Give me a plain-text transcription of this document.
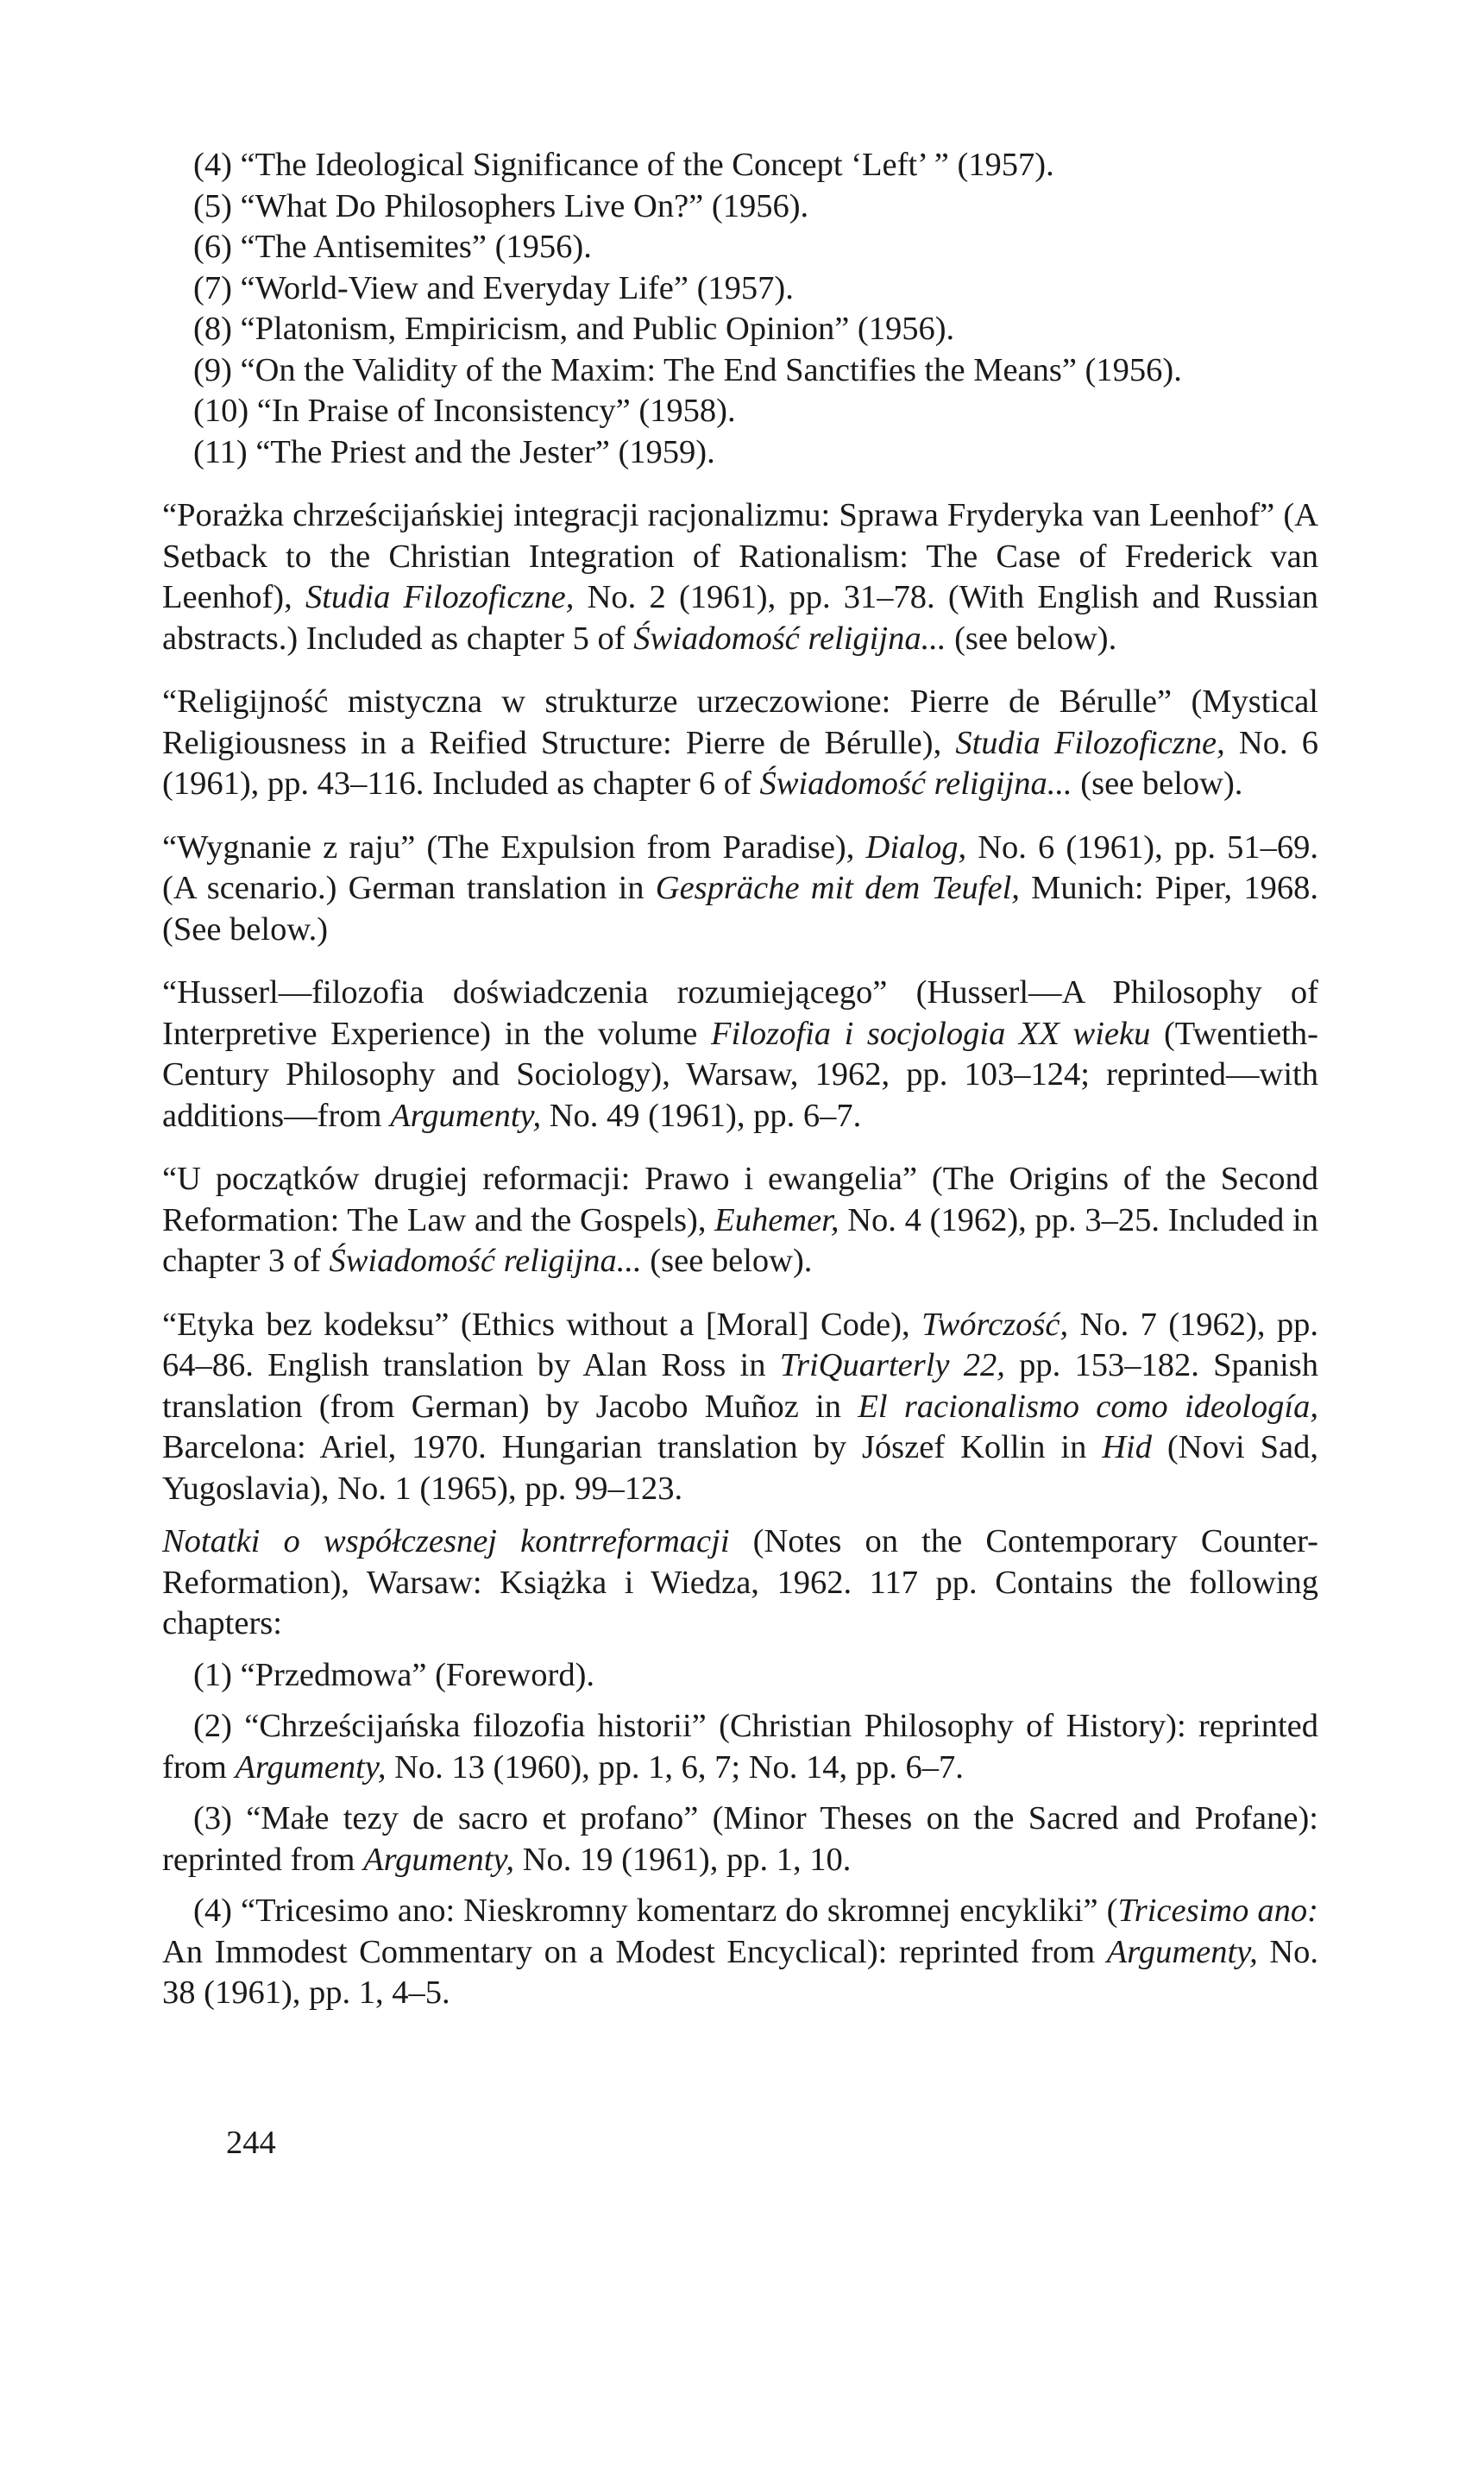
(4) “The Ideological Significance of the Concept ‘Left’ ” (1957).

(5) “What Do Philosophers Live On?” (1956).

(6) “The Antisemites” (1956).

(7) “World-View and Everyday Life” (1957).

(8) “Platonism, Empiricism, and Public Opinion” (1956).

(9) “On the Validity of the Maxim: The End Sanctifies the Means” (1956).

(10) “In Praise of Inconsistency” (1958).

(11) “The Priest and the Jester” (1959).

“Porażka chrześcijańskiej integracji racjonalizmu: Sprawa Fryderyka van Leenhof” (A Setback to the Christian Integration of Rationalism: The Case of Frederick van Leenhof), Studia Filozoficzne, No. 2 (1961), pp. 31–78. (With English and Russian abstracts.) Included as chapter 5 of Świadomość religijna... (see below).

“Religijność mistyczna w strukturze urzeczowione: Pierre de Bérulle” (Mystical Religiousness in a Reified Structure: Pierre de Bérulle), Studia Filozoficzne, No. 6 (1961), pp. 43–116. Included as chapter 6 of Świadomość religijna... (see below).

“Wygnanie z raju” (The Expulsion from Paradise), Dialog, No. 6 (1961), pp. 51–69. (A scenario.) German translation in Gespräche mit dem Teufel, Munich: Piper, 1968. (See below.)

“Husserl—filozofia doświadczenia rozumiejącego” (Husserl—A Philosophy of Interpretive Experience) in the volume Filozofia i socjologia XX wieku (Twentieth-Century Philosophy and Sociology), Warsaw, 1962, pp. 103–124; reprinted—with additions—from Argumenty, No. 49 (1961), pp. 6–7.

“U początków drugiej reformacji: Prawo i ewangelia” (The Origins of the Second Reformation: The Law and the Gospels), Euhemer, No. 4 (1962), pp. 3–25. Included in chapter 3 of Świadomość religijna... (see below).

“Etyka bez kodeksu” (Ethics without a [Moral] Code), Twórczość, No. 7 (1962), pp. 64–86. English translation by Alan Ross in TriQuarterly 22, pp. 153–182. Spanish translation (from German) by Jacobo Muñoz in El racionalismo como ideología, Barcelona: Ariel, 1970. Hungarian translation by Jószef Kollin in Hid (Novi Sad, Yugoslavia), No. 1 (1965), pp. 99–123.

Notatki o współczesnej kontrreformacji (Notes on the Contemporary Counter-Reformation), Warsaw: Książka i Wiedza, 1962. 117 pp. Contains the following chapters:

(1) “Przedmowa” (Foreword).

(2) “Chrześcijańska filozofia historii” (Christian Philosophy of History): reprinted from Argumenty, No. 13 (1960), pp. 1, 6, 7; No. 14, pp. 6–7.

(3) “Małe tezy de sacro et profano” (Minor Theses on the Sacred and Profane): reprinted from Argumenty, No. 19 (1961), pp. 1, 10.

(4) “Tricesimo ano: Nieskromny komentarz do skromnej encykliki” (Tricesimo ano: An Immodest Commentary on a Modest Encyclical): reprinted from Argumenty, No. 38 (1961), pp. 1, 4–5.

244
